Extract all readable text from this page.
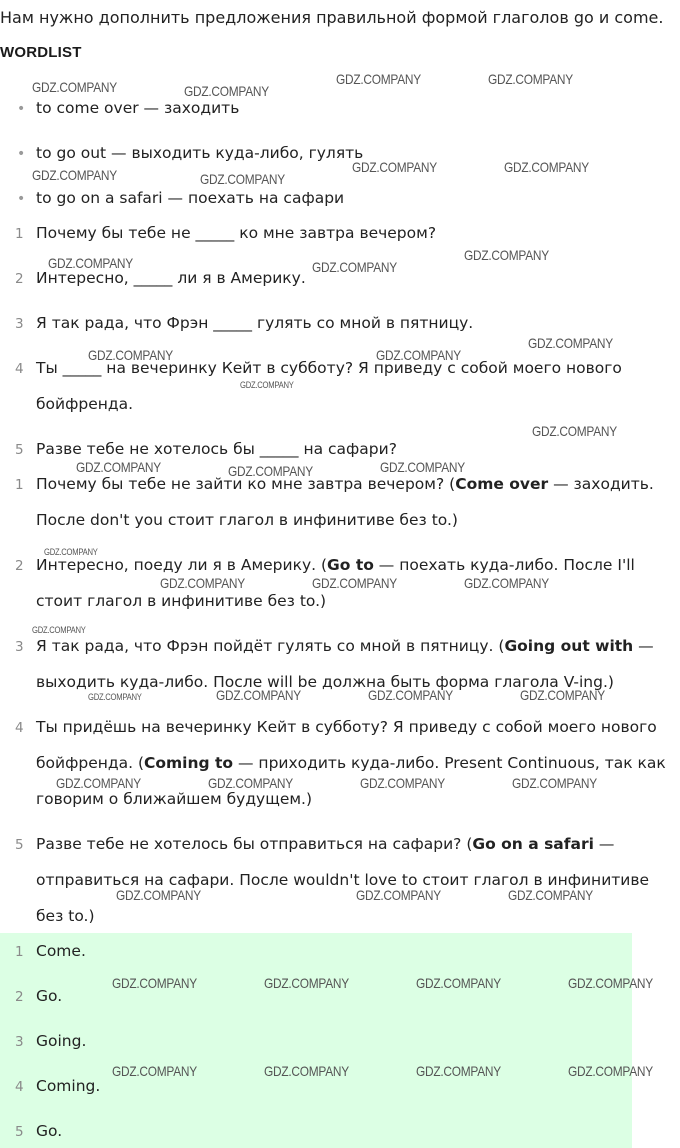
Нам нужно дополнить предложения правильной формой глаголов go и come.
WORDLIST
• to come over — заходить
• to go out — выходить куда-либо, гулять
• to go on a safari — поехать на сафари
1 Почему бы тебе не _____ ко мне завтра вечером?
2 Интересно, _____ ли я в Америку.
3 Я так рада, что Фрэн _____ гулять со мной в пятницу.
4 Ты _____ на вечеринку Кейт в субботу? Я приведу с собой моего нового
бойфренда.
5 Разве тебе не хотелось бы _____ на сафари?
1 Почему бы тебе не зайти ко мне завтра вечером? (Come over — заходить.
После don't you стоит глагол в инфинитиве без to.)
2 Интересно, поеду ли я в Америку. (Go to — поехать куда-либо. После I'll
стоит глагол в инфинитиве без to.)
3 Я так рада, что Фрэн пойдёт гулять со мной в пятницу. (Going out with —
выходить куда-либо. После will be должна быть форма глагола V-ing.)
4 Ты придёшь на вечеринку Кейт в субботу? Я приведу с собой моего нового
бойфренда. (Coming to — приходить куда-либо. Present Continuous, так как
говорим о ближайшем будущем.)
5 Разве тебе не хотелось бы отправиться на сафари? (Go on a safari —
отправиться на сафари. После wouldn't love to стоит глагол в инфинитиве
без to.)
1 Come.
2 Go.
3 Going.
4 Coming.
5 Go.
GDZ.COMPANY	GDZ.COMPANY
GDZ.COMPANY	GDZ.COMPANY
GDZ.COMPANY	GDZ.COMPANY
GDZ.COMPANY	GDZ.COMPANY
GDZ.COMPANY	GDZ.COMPANY
GDZ.COMPANY
GDZ.COMPANY	GDZ.COMPANY
GDZ.COMPANY
GDZ.COMPANY
GDZ.COMPANY
GDZ.COMPANY	GDZ.COMPANY	GDZ.COMPANY
GDZ.COMPANY
GDZ.COMPANY	GDZ.COMPANY	GDZ.COMPANY
GDZ.COMPANY
GDZ.COMPANY	GDZ.COMPANY	GDZ.COMPANY	GDZ.COMPANY
GDZ.COMPANY	GDZ.COMPANY	GDZ.COMPANY	GDZ.COMPANY
GDZ.COMPANY	GDZ.COMPANY	GDZ.COMPANY
GDZ.COMPANY	GDZ.COMPANY	GDZ.COMPANY	GDZ.COMPANY
GDZ.COMPANY	GDZ.COMPANY	GDZ.COMPANY	GDZ.COMPANY
